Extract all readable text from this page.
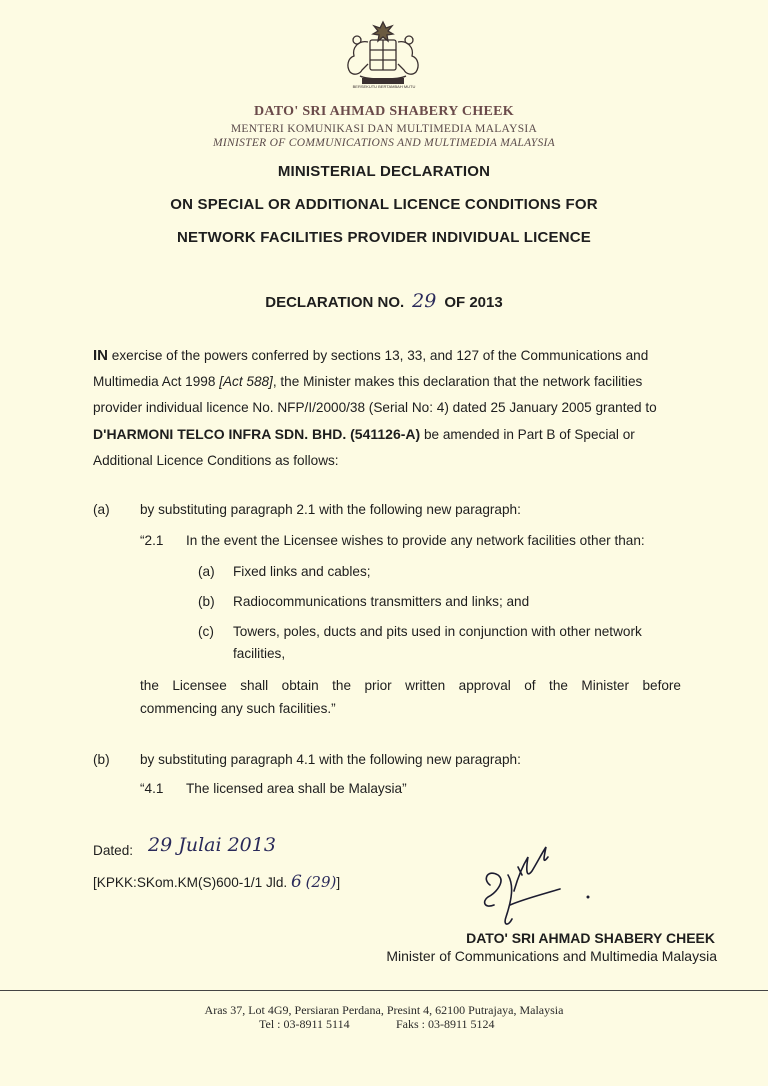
BERSEKUTU BERTAMBAH MUTU
DATO' SRI AHMAD SHABERY CHEEK
MENTERI KOMUNIKASI DAN MULTIMEDIA MALAYSIA
MINISTER OF COMMUNICATIONS AND MULTIMEDIA MALAYSIA
MINISTERIAL DECLARATION
ON SPECIAL OR ADDITIONAL LICENCE CONDITIONS FOR
NETWORK FACILITIES PROVIDER INDIVIDUAL LICENCE
DECLARATION NO. 29 OF 2013
IN exercise of the powers conferred by sections 13, 33, and 127 of the Communications and Multimedia Act 1998 [Act 588], the Minister makes this declaration that the network facilities provider individual licence No. NFP/I/2000/38 (Serial No: 4) dated 25 January 2005 granted to D'HARMONI TELCO INFRA SDN. BHD. (541126-A) be amended in Part B of Special or Additional Licence Conditions as follows:
(a) by substituting paragraph 2.1 with the following new paragraph:
“2.1 In the event the Licensee wishes to provide any network facilities other than:
(a) Fixed links and cables;
(b) Radiocommunications transmitters and links; and
(c) Towers, poles, ducts and pits used in conjunction with other network
facilities,
the Licensee shall obtain the prior written approval of the Minister before
commencing any such facilities.”
(b) by substituting paragraph 4.1 with the following new paragraph:
“4.1 The licensed area shall be Malaysia”
Dated: 29 Julai 2013
[KPKK:SKom.KM(S)600-1/1 Jld. 6 (29)]
DATO' SRI AHMAD SHABERY CHEEK
Minister of Communications and Multimedia Malaysia
Aras 37, Lot 4G9, Persiaran Perdana, Presint 4, 62100 Putrajaya, Malaysia
Tel : 03-8911 5114	Faks : 03-8911 5124
